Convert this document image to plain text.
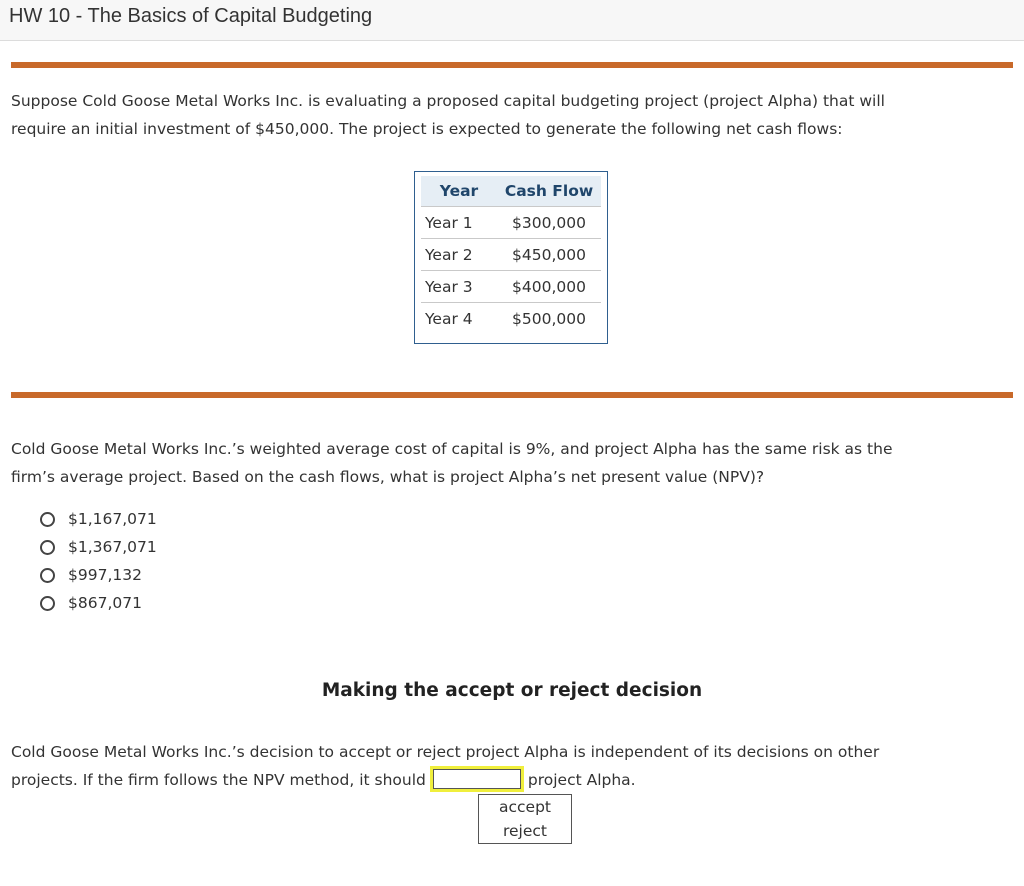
HW 10 - The Basics of Capital Budgeting
Suppose Cold Goose Metal Works Inc. is evaluating a proposed capital budgeting project (project Alpha) that will
require an initial investment of $450,000. The project is expected to generate the following net cash flows:
Year	Cash Flow
Year 1	$300,000
Year 2	$450,000
Year 3	$400,000
Year 4	$500,000
Cold Goose Metal Works Inc.’s weighted average cost of capital is 9%, and project Alpha has the same risk as the
firm’s average project. Based on the cash flows, what is project Alpha’s net present value (NPV)?
$1,167,071
$1,367,071
$997,132
$867,071
Making the accept or reject decision
Cold Goose Metal Works Inc.’s decision to accept or reject project Alpha is independent of its decisions on other
projects. If the firm follows the NPV method, it should	project Alpha.
accept
reject
